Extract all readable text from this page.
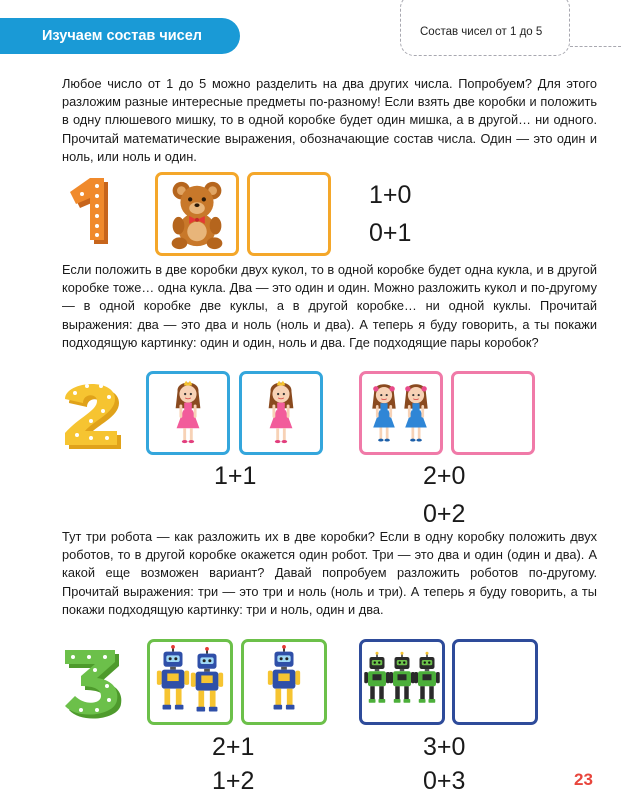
Изучаем состав чисел	Состав чисел от 1 до 5
Любое число от 1 до 5 можно разделить на два других числа. Попробуем? Для этого разложим разные интересные предметы по-разному! Если взять две коробки и положить в одну плюшевого мишку, то в одной коробке будет один мишка, а в другой… ни одного. Прочитай математические выражения, обозначающие состав числа. Один — это один и ноль, или ноль и один.
1+0
0+1
Если положить в две коробки двух кукол, то в одной коробке будет одна кукла, и в другой коробке тоже… одна кукла. Два — это один и один. Можно разложить кукол и по-другому — в одной коробке две куклы, а в другой коробке… ни одной куклы. Прочитай выражения: два — это два и ноль (ноль и два). А теперь я буду говорить, а ты покажи подходящую картинку: один и один, ноль и два. Где подходящие пары коробок?
1+1	2+0
0+2
Тут три робота — как разложить их в две коробки? Если в одну коробку положить двух роботов, то в другой коробке окажется один робот. Три — это два и один (один и два). А какой еще возможен вариант? Давай попробуем разложить роботов по-другому. Прочитай выражения: три — это три и ноль (ноль и три). А теперь я буду говорить, а ты покажи подходящую картинку: три и ноль, один и два.
2+1
1+2
3+0
0+3	23
